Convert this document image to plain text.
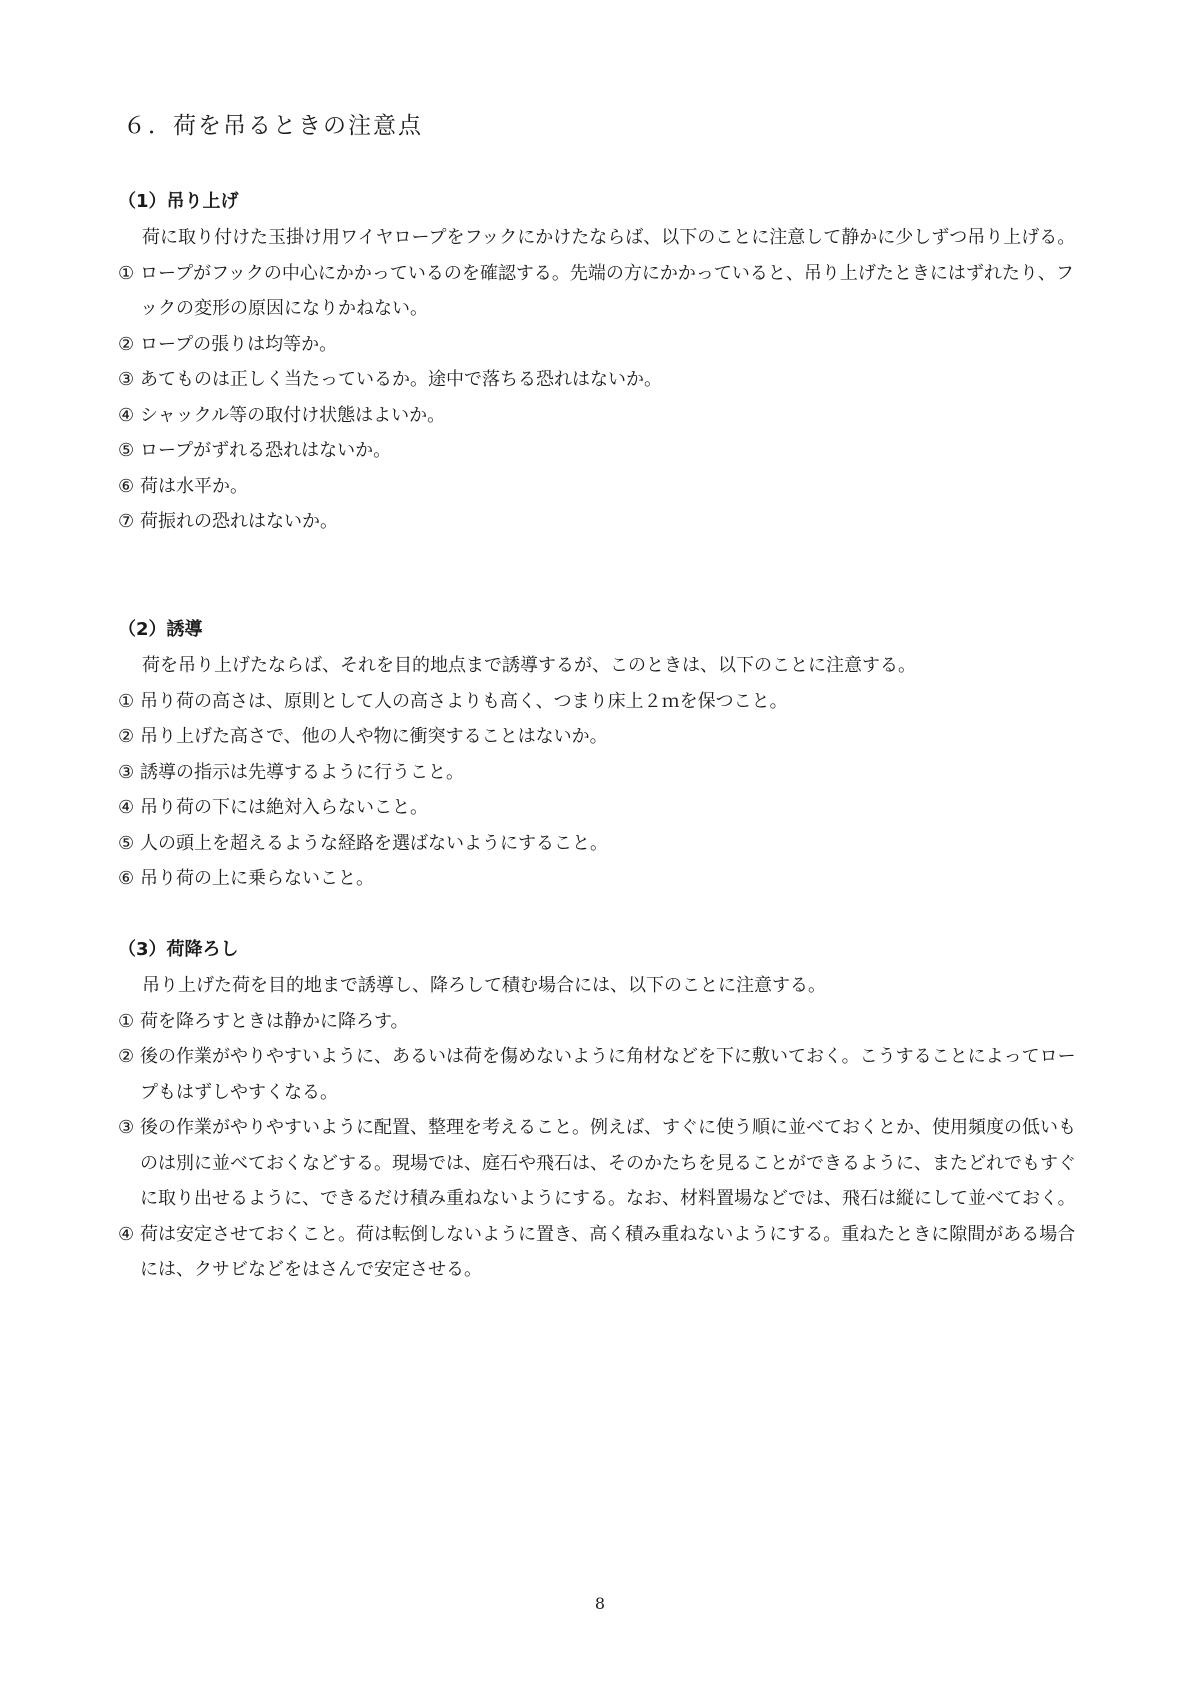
６．荷を吊るときの注意点
（1）吊り上げ

荷に取り付けた玉掛け用ワイヤロープをフックにかけたならば、以下のことに注意して静かに少しずつ吊り上げる。

① ロープがフックの中心にかかっているのを確認する。先端の方にかかっていると、吊り上げたときにはずれたり、フックの変形の原因になりかねない。
② ロープの張りは均等か。
③ あてものは正しく当たっているか。途中で落ちる恐れはないか。
④ シャックル等の取付け状態はよいか。
⑤ ロープがずれる恐れはないか。
⑥ 荷は水平か。
⑦ 荷振れの恐れはないか。
（2）誘導

荷を吊り上げたならば、それを目的地点まで誘導するが、このときは、以下のことに注意する。

① 吊り荷の高さは、原則として人の高さよりも高く、つまり床上２ｍを保つこと。
② 吊り上げた高さで、他の人や物に衝突することはないか。
③ 誘導の指示は先導するように行うこと。
④ 吊り荷の下には絶対入らないこと。
⑤ 人の頭上を超えるような経路を選ばないようにすること。
⑥ 吊り荷の上に乗らないこと。
（3）荷降ろし

吊り上げた荷を目的地まで誘導し、降ろして積む場合には、以下のことに注意する。

① 荷を降ろすときは静かに降ろす。
② 後の作業がやりやすいように、あるいは荷を傷めないように角材などを下に敷いておく。こうすることによってロープもはずしやすくなる。
③ 後の作業がやりやすいように配置、整理を考えること。例えば、すぐに使う順に並べておくとか、使用頻度の低いものは別に並べておくなどする。現場では、庭石や飛石は、そのかたちを見ることができるように、またどれでもすぐに取り出せるように、できるだけ積み重ねないようにする。なお、材料置場などでは、飛石は縦にして並べておく。
④ 荷は安定させておくこと。荷は転倒しないように置き、高く積み重ねないようにする。重ねたときに隙間がある場合には、クサビなどをはさんで安定させる。
8
